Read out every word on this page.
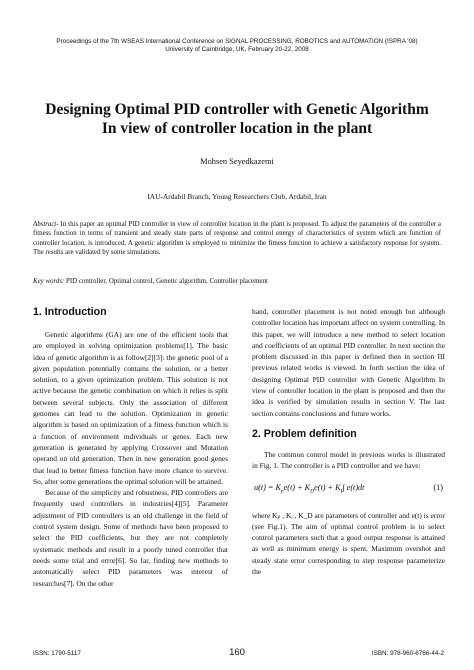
Proceedings of the 7th WSEAS International Conference on SIGNAL PROCESSING, ROBOTICS and AUTOMATION (ISPRA '08)
University of Cambridge, UK, February 20-22, 2008
Designing Optimal PID controller with Genetic Algorithm
In view of controller location in the plant
Mohsen Seyedkazemi
IAU-Ardabil Branch, Young Researchers Club, Ardabil, Iran
Abstract- In this paper an optimal PID controller in view of controller location in the plant is proposed. To adjust the parameters of the controller a fitness function in terms of transient and steady state parts of response and control energy of characteristics of system which are function of controller location, is introduced. A genetic algorithm is employed to minimize the fitness function to achieve a satisfactory response for system. The results are validated by some simulations.
Key words: PID controller, Optimal control, Genetic algorithm, Controller placement
1. Introduction

Genetic algorithms (GA) are one of the efficient tools that are employed in solving optimization problems[1]. The basic idea of genetic algorithm is as follow[2][3]: the genetic pool of a given population potentially contains the solution, or a better solution, to a given optimization problem. This solution is not active because the genetic combination on which it relies is split between several subjects. Only the association of different genomes can lead to the solution. Optimization in genetic algorithm is based on optimization of a fitness function which is a function of environment individuals or genes. Each new generation is generated by applying Crossover and Mutation operand on old generation. Then in new generation good genes that lead to better fitness function have more chance to survive. So, after some generations the optimal solution will be attained.

Because of the simplicity and robustness, PID controllers are frequently used controllers in industries[4][5]. Parameter adjustment of PID controllers is an old challenge in the field of control system design. Some of methods have been proposed to select the PID coefficients, but they are not completely systematic methods and result in a poorly tuned controller that needs some trial and error[6]. So far, finding new methods to automatically select PID parameters was interest of researches[7]. On the other

hand, controller placement is not noted enough but although controller location has important affect on system controlling. In this paper, we will introduce a new method to select location and coefficients of an optimal PID controller. In next section the problem discussed in this paper is defined then in section III previous related works is viewed. In forth section the idea of designing Optimal PID controller with Genetic Algorithm In view of controller location in the plant is proposed and then the idea is verified by simulation results in section V. The last section contains conclusions and future works.

2. Problem definition

The common control model in previous works is illustrated in Fig. 1. The controller is a PID controller and we have:

$u(t) = K_pe(t) + K_De(t) + K_I\int$ e(t)dt	(1)

where Kₚ , Kᵢ , K_D are parameters of controller and e(t) is error (see Fig.1). The aim of optimal control problem is to select control parameters such that a good output response is attained as well as minimum energy is spent. Maximum overshot and steady state error corresponding to step response parameterize the

ISSN: 1790-5117	160	ISBN: 978-960-6766-44-2
